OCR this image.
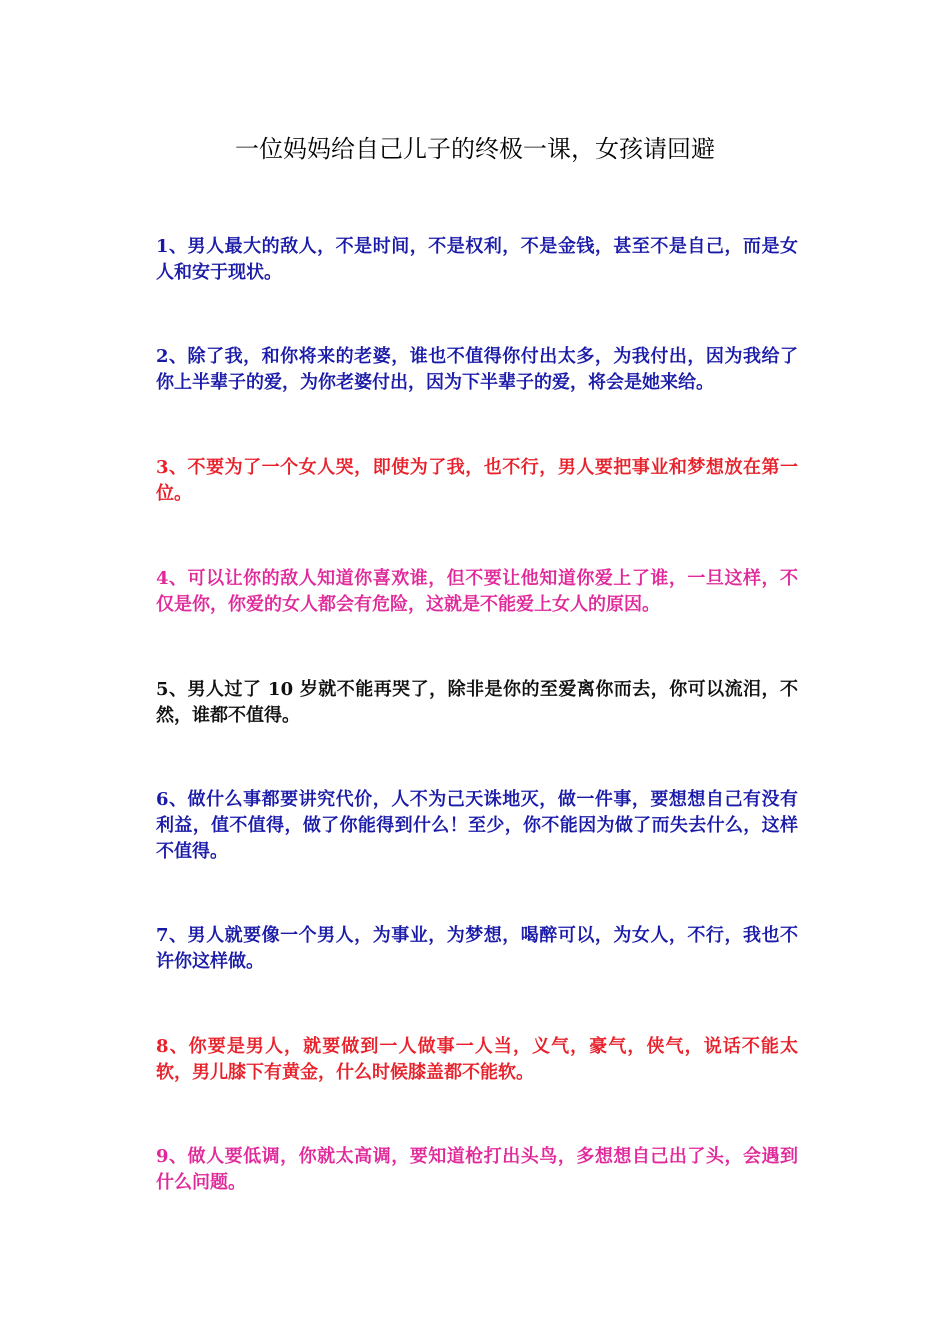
一位妈妈给自己儿子的终极一课，女孩请回避

1、男人最大的敌人，不是时间，不是权利，不是金钱，甚至不是自己，而是女人和安于现状。

2、除了我，和你将来的老婆，谁也不值得你付出太多，为我付出，因为我给了你上半辈子的爱，为你老婆付出，因为下半辈子的爱，将会是她来给。

3、不要为了一个女人哭，即使为了我，也不行，男人要把事业和梦想放在第一位。

4、可以让你的敌人知道你喜欢谁，但不要让他知道你爱上了谁，一旦这样，不仅是你，你爱的女人都会有危险，这就是不能爱上女人的原因。

5、男人过了 10 岁就不能再哭了，除非是你的至爱离你而去，你可以流泪，不然，谁都不值得。

6、做什么事都要讲究代价，人不为己天诛地灭，做一件事，要想想自己有没有利益，值不值得，做了你能得到什么！至少，你不能因为做了而失去什么，这样不值得。

7、男人就要像一个男人，为事业，为梦想，喝醉可以，为女人，不行，我也不许你这样做。

8、你要是男人，就要做到一人做事一人当，义气，豪气，侠气，说话不能太软，男儿膝下有黄金，什么时候膝盖都不能软。

9、做人要低调，你就太高调，要知道枪打出头鸟，多想想自己出了头，会遇到什么问题。
